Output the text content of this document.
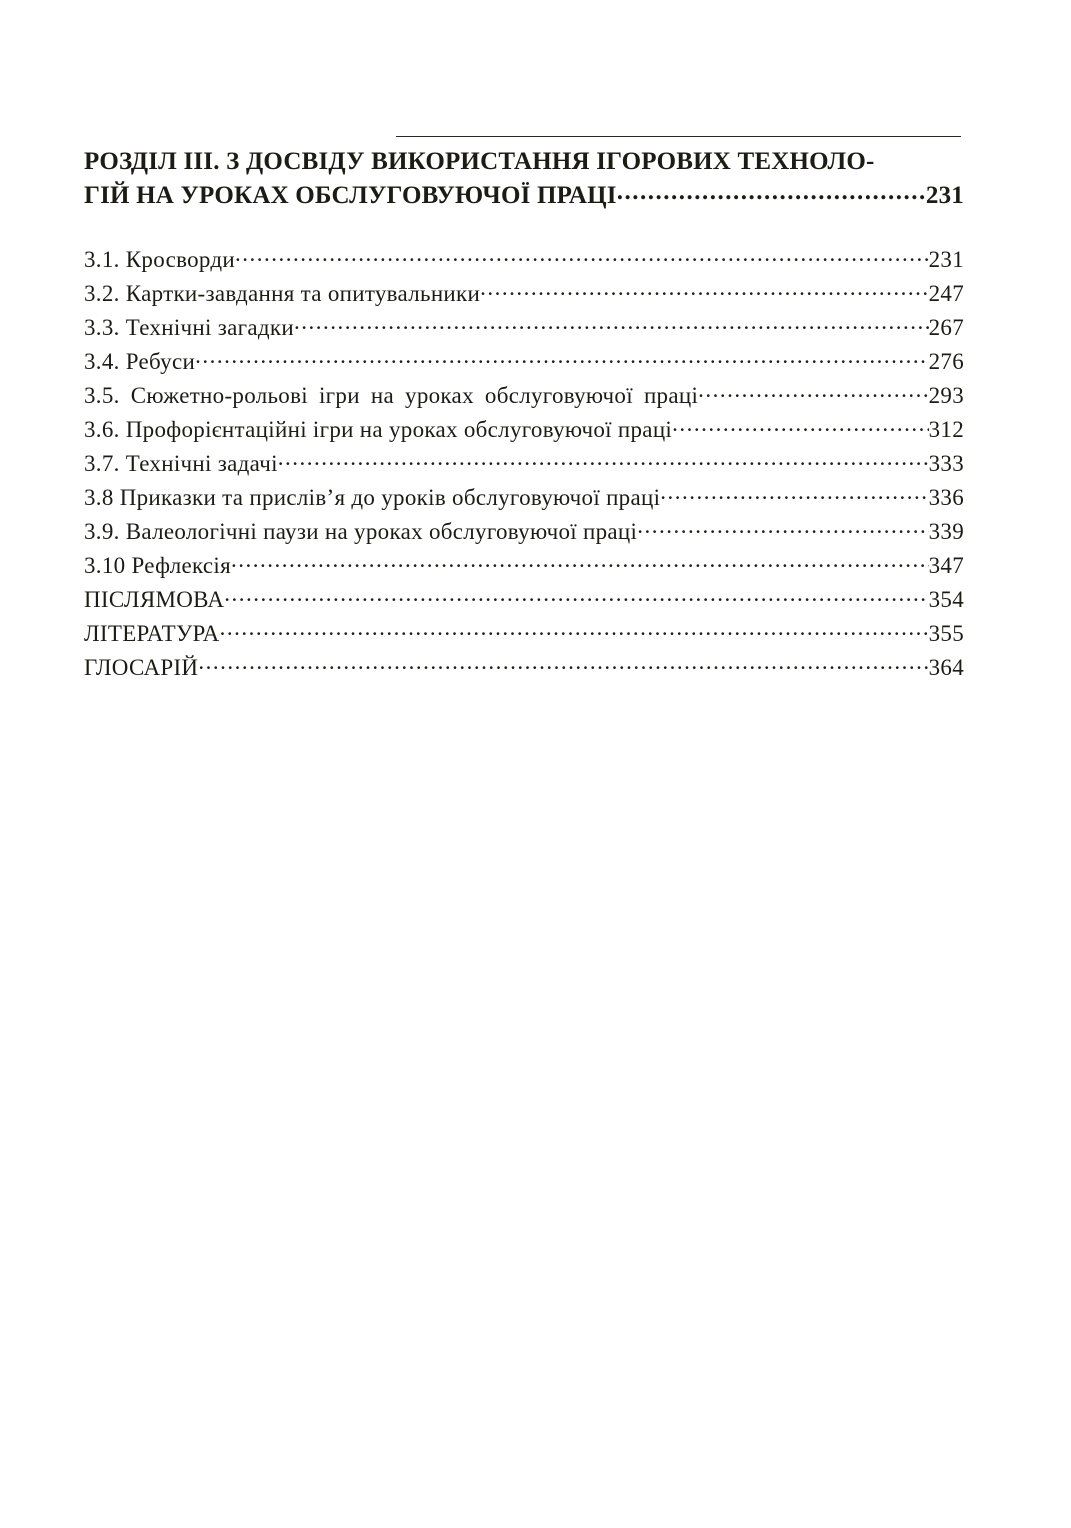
РОЗДІЛ ІІІ. З ДОСВІДУ ВИКОРИСТАННЯ ІГОРОВИХ ТЕХНОЛО-
ГІЙ НА УРОКАХ ОБСЛУГОВУЮЧОЇ ПРАЦІ .....	231
3.1. Кросворди .....	231
3.2. Картки-завдання та опитувальники .....	247
3.3. Технічні загадки .....	267
3.4. Ребуси .....	276
3.5. Сюжетно-рольові ігри на уроках обслуговуючої праці .....	293
3.6. Профорієнтаційні ігри на уроках обслуговуючої праці .....	312
3.7. Технічні задачі .....	333
3.8 Приказки та прислів’я до уроків обслуговуючої праці .....	336
3.9. Валеологічні паузи на уроках обслуговуючої праці .....	339
3.10 Рефлексія .....	347
ПІСЛЯМОВА .....	354
ЛІТЕРАТУРА .....	355
ГЛОСАРІЙ .....	364
